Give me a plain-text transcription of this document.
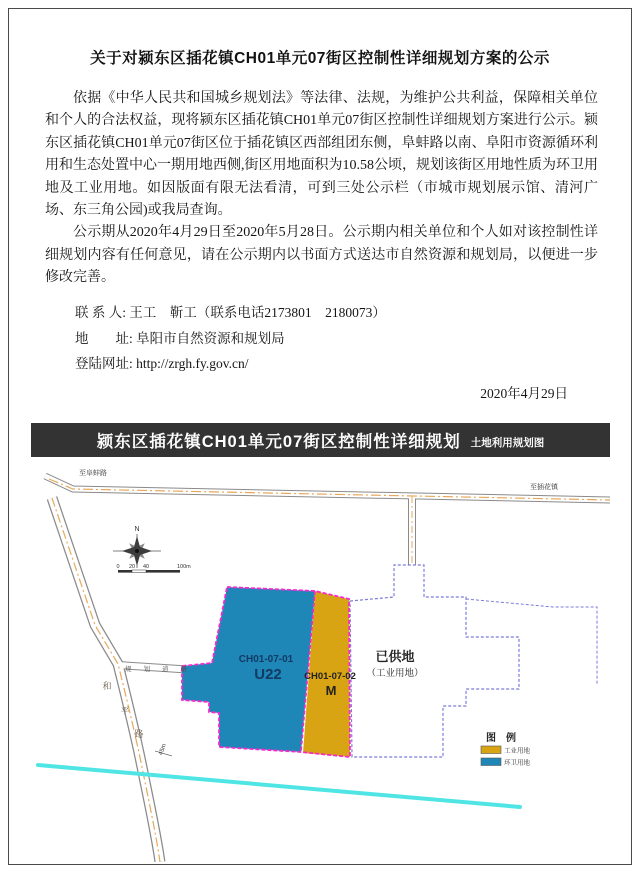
关于对颍东区插花镇CH01单元07街区控制性详细规划方案的公示

依据《中华人民共和国城乡规划法》等法律、法规，为维护公共利益，保障相关单位和个人的合法权益，现将颍东区插花镇CH01单元07街区控制性详细规划方案进行公示。颍东区插花镇CH01单元07街区位于插花镇区西部组团东侧，阜蚌路以南、阜阳市资源循环利用和生态处置中心一期用地西侧,街区用地面积为10.58公顷，规划该街区用地性质为环卫用地及工业用地。如因版面有限无法看清，可到三处公示栏（市城市规划展示馆、清河广场、东三角公园)或我局查询。

公示期从2020年4月29日至2020年5月28日。公示期内相关单位和个人如对该控制性详细规划内容有任何意见，请在公示期内以书面方式送达市自然资源和规划局，以便进一步修改完善。

联 系 人: 王工　靳工（联系电话2173801　2180073）
地　　址: 阜阳市自然资源和规划局
登陆网址: http://zrgh.fy.gov.cn/
2020年4月29日
颍东区插花镇CH01单元07街区控制性详细规划 土地利用规划图
CH01-07-01
U22 CH01-07-02
M
已供地
（工业用地）
至阜蚌路
至插花镇
规划道路
和
平
路
45m
N
0 20 40	100m
图　例
工业用地
环卫用地
